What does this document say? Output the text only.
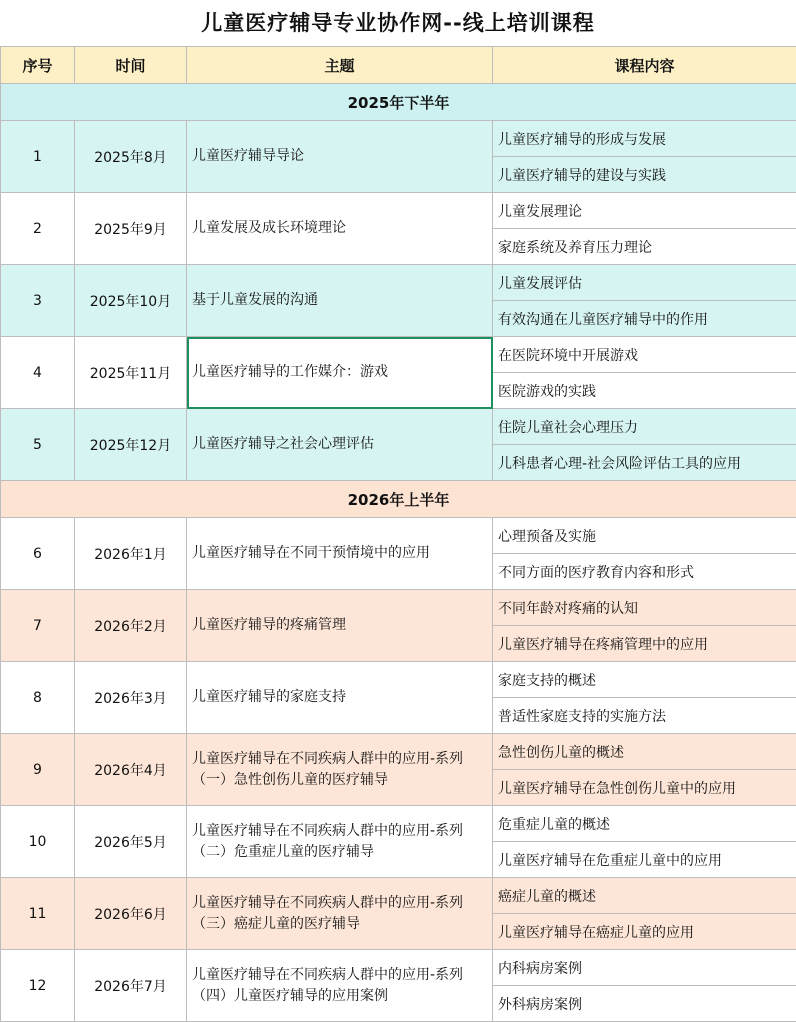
儿童医疗辅导专业协作网--线上培训课程
序号	时间	主题	课程内容
2025年下半年			
1	2025年8月	儿童医疗辅导导论	儿童医疗辅导的形成与发展
			儿童医疗辅导的建设与实践
2	2025年9月	儿童发展及成长环境理论	儿童发展理论
			家庭系统及养育压力理论
3	2025年10月	基于儿童发展的沟通	儿童发展评估
			有效沟通在儿童医疗辅导中的作用
4	2025年11月	儿童医疗辅导的工作媒介：游戏	在医院环境中开展游戏
			医院游戏的实践
5	2025年12月	儿童医疗辅导之社会心理评估	住院儿童社会心理压力
			儿科患者心理-社会风险评估工具的应用
2026年上半年			
6	2026年1月	儿童医疗辅导在不同干预情境中的应用	心理预备及实施
			不同方面的医疗教育内容和形式
7	2026年2月	儿童医疗辅导的疼痛管理	不同年龄对疼痛的认知
			儿童医疗辅导在疼痛管理中的应用
8	2026年3月	儿童医疗辅导的家庭支持	家庭支持的概述
			普适性家庭支持的实施方法
9	2026年4月	儿童医疗辅导在不同疾病人群中的应用-系列（一）急性创伤儿童的医疗辅导	急性创伤儿童的概述
			儿童医疗辅导在急性创伤儿童中的应用
10	2026年5月	儿童医疗辅导在不同疾病人群中的应用-系列（二）危重症儿童的医疗辅导	危重症儿童的概述
			儿童医疗辅导在危重症儿童中的应用
11	2026年6月	儿童医疗辅导在不同疾病人群中的应用-系列（三）癌症儿童的医疗辅导	癌症儿童的概述
			儿童医疗辅导在癌症儿童的应用
12	2026年7月	儿童医疗辅导在不同疾病人群中的应用-系列（四）儿童医疗辅导的应用案例	内科病房案例
			外科病房案例
